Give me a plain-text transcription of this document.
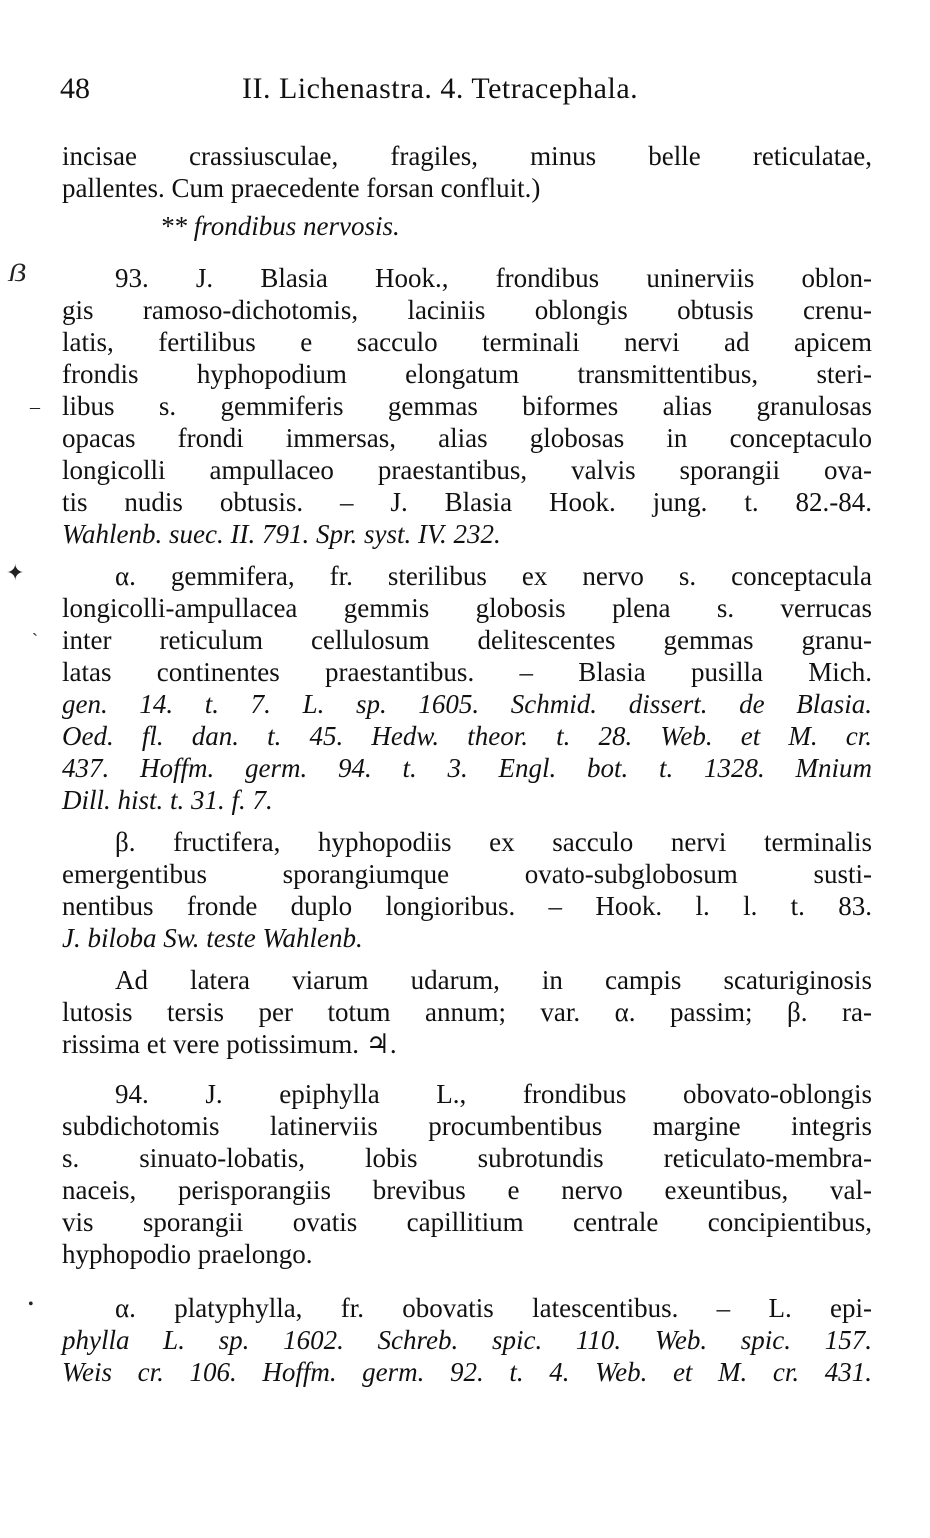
48	II. Lichenastra. 4. Tetracephala.
ẞ
–
✦
`
•
incisae crassiusculae, fragiles, minus belle reticulatae,
pallentes. Cum praecedente forsan confluit.)
** frondibus nervosis.
93. J. Blasia Hook., frondibus uninerviis oblon-
gis ramoso-dichotomis, laciniis oblongis obtusis crenu-
latis, fertilibus e sacculo terminali nervi ad apicem
frondis hyphopodium elongatum transmittentibus, steri-
libus s. gemmiferis gemmas biformes alias granulosas
opacas frondi immersas, alias globosas in conceptaculo
longicolli ampullaceo praestantibus, valvis sporangii ova-
tis nudis obtusis. – J. Blasia Hook. jung. t. 82.-84.
Wahlenb. suec. II. 791. Spr. syst. IV. 232.
α. gemmifera, fr. sterilibus ex nervo s. conceptacula
longicolli-ampullacea gemmis globosis plena s. verrucas
inter reticulum cellulosum delitescentes gemmas granu-
latas continentes praestantibus. – Blasia pusilla Mich.
gen. 14. t. 7. L. sp. 1605. Schmid. dissert. de Blasia.
Oed. fl. dan. t. 45. Hedw. theor. t. 28. Web. et M. cr.
437. Hoffm. germ. 94. t. 3. Engl. bot. t. 1328. Mnium
Dill. hist. t. 31. f. 7.
β. fructifera, hyphopodiis ex sacculo nervi terminalis
emergentibus sporangiumque ovato-subglobosum susti-
nentibus fronde duplo longioribus. – Hook. l. l. t. 83.
J. biloba Sw. teste Wahlenb.
Ad latera viarum udarum, in campis scaturiginosis
lutosis tersis per totum annum; var. α. passim; β. ra-
rissima et vere potissimum. ♃.
94. J. epiphylla L., frondibus obovato-oblongis
subdichotomis latinerviis procumbentibus margine integris
s. sinuato-lobatis, lobis subrotundis reticulato-membra-
naceis, perisporangiis brevibus e nervo exeuntibus, val-
vis sporangii ovatis capillitium centrale concipientibus,
hyphopodio praelongo.
α. platyphylla, fr. obovatis latescentibus. – L. epi-
phylla L. sp. 1602. Schreb. spic. 110. Web. spic. 157.
Weis cr. 106. Hoffm. germ. 92. t. 4. Web. et M. cr. 431.
